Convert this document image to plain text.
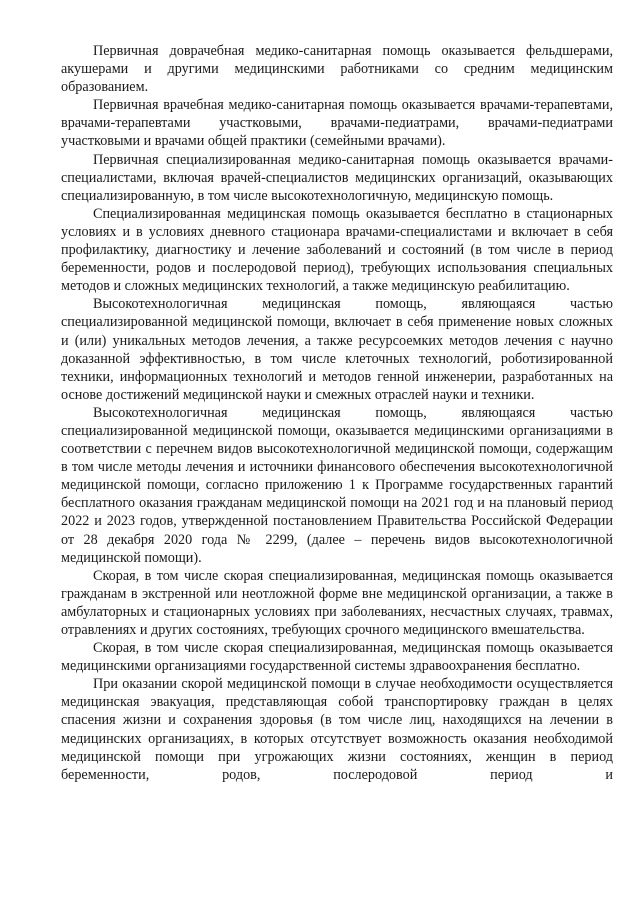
Первичная доврачебная медико-санитарная помощь оказывается фельдшерами, акушерами и другими медицинскими работниками со средним медицинским образованием.

Первичная врачебная медико-санитарная помощь оказывается врачами-терапевтами, врачами-терапевтами участковыми, врачами-педиатрами, врачами-педиатрами участковыми и врачами общей практики (семейными врачами).

Первичная специализированная медико-санитарная помощь оказывается врачами-специалистами, включая врачей-специалистов медицинских организаций, оказывающих специализированную, в том числе высокотехнологичную, медицинскую помощь.

Специализированная медицинская помощь оказывается бесплатно в стационарных условиях и в условиях дневного стационара врачами-специалистами и включает в себя профилактику, диагностику и лечение заболеваний и состояний (в том числе в период беременности, родов и послеродовой период), требующих использования специальных методов и сложных медицинских технологий, а также медицинскую реабилитацию.

Высокотехнологичная медицинская помощь, являющаяся частью специализированной медицинской помощи, включает в себя применение новых сложных и (или) уникальных методов лечения, а также ресурсоемких методов лечения с научно доказанной эффективностью, в том числе клеточных технологий, роботизированной техники, информационных технологий и методов генной инженерии, разработанных на основе достижений медицинской науки и смежных отраслей науки и техники.

Высокотехнологичная медицинская помощь, являющаяся частью специализированной медицинской помощи, оказывается медицинскими организациями в соответствии с перечнем видов высокотехнологичной медицинской помощи, содержащим в том числе методы лечения и источники финансового обеспечения высокотехнологичной медицинской помощи, согласно приложению 1 к Программе государственных гарантий бесплатного оказания гражданам медицинской помощи на 2021 год и на плановый период 2022 и 2023 годов, утвержденной постановлением Правительства Российской Федерации от 28 декабря 2020 года № 2299, (далее – перечень видов высокотехнологичной медицинской помощи).

Скорая, в том числе скорая специализированная, медицинская помощь оказывается гражданам в экстренной или неотложной форме вне медицинской организации, а также в амбулаторных и стационарных условиях при заболеваниях, несчастных случаях, травмах, отравлениях и других состояниях, требующих срочного медицинского вмешательства.

Скорая, в том числе скорая специализированная, медицинская помощь оказывается медицинскими организациями государственной системы здравоохранения бесплатно.

При оказании скорой медицинской помощи в случае необходимости осуществляется медицинская эвакуация, представляющая собой транспортировку граждан в целях спасения жизни и сохранения здоровья (в том числе лиц, находящихся на лечении в медицинских организациях, в которых отсутствует возможность оказания необходимой медицинской помощи при угрожающих жизни состояниях, женщин в период беременности, родов, послеродовой период и
